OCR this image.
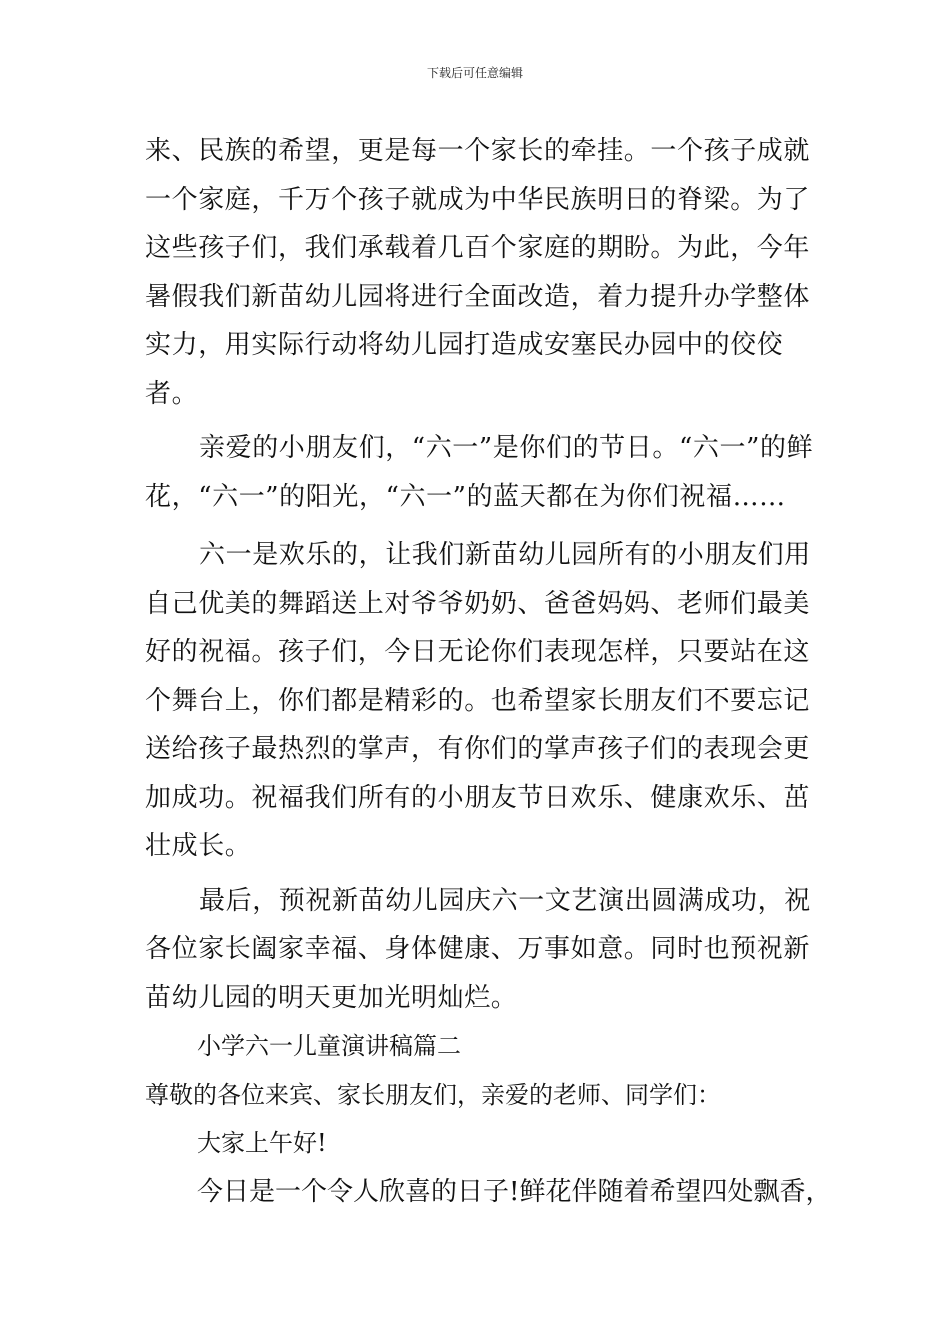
下载后可任意编辑

来、民族的希望，更是每一个家长的牵挂。一个孩子成就一个家庭，千万个孩子就成为中华民族明日的脊梁。为了这些孩子们，我们承载着几百个家庭的期盼。为此，今年暑假我们新苗幼儿园将进行全面改造，着力提升办学整体实力，用实际行动将幼儿园打造成安塞民办园中的佼佼者。

亲爱的小朋友们，“六一”是你们的节日。“六一”的鲜花，“六一”的阳光，“六一”的蓝天都在为你们祝福……

六一是欢乐的，让我们新苗幼儿园所有的小朋友们用自己优美的舞蹈送上对爷爷奶奶、爸爸妈妈、老师们最美好的祝福。孩子们，今日无论你们表现怎样，只要站在这个舞台上，你们都是精彩的。也希望家长朋友们不要忘记送给孩子最热烈的掌声，有你们的掌声孩子们的表现会更加成功。祝福我们所有的小朋友节日欢乐、健康欢乐、茁壮成长。

最后，预祝新苗幼儿园庆六一文艺演出圆满成功，祝各位家长阖家幸福、身体健康、万事如意。同时也预祝新苗幼儿园的明天更加光明灿烂。

小学六一儿童演讲稿篇二

尊敬的各位来宾、家长朋友们，亲爱的老师、同学们：

大家上午好!

今日是一个令人欣喜的日子!鲜花伴随着希望四处飘香，
